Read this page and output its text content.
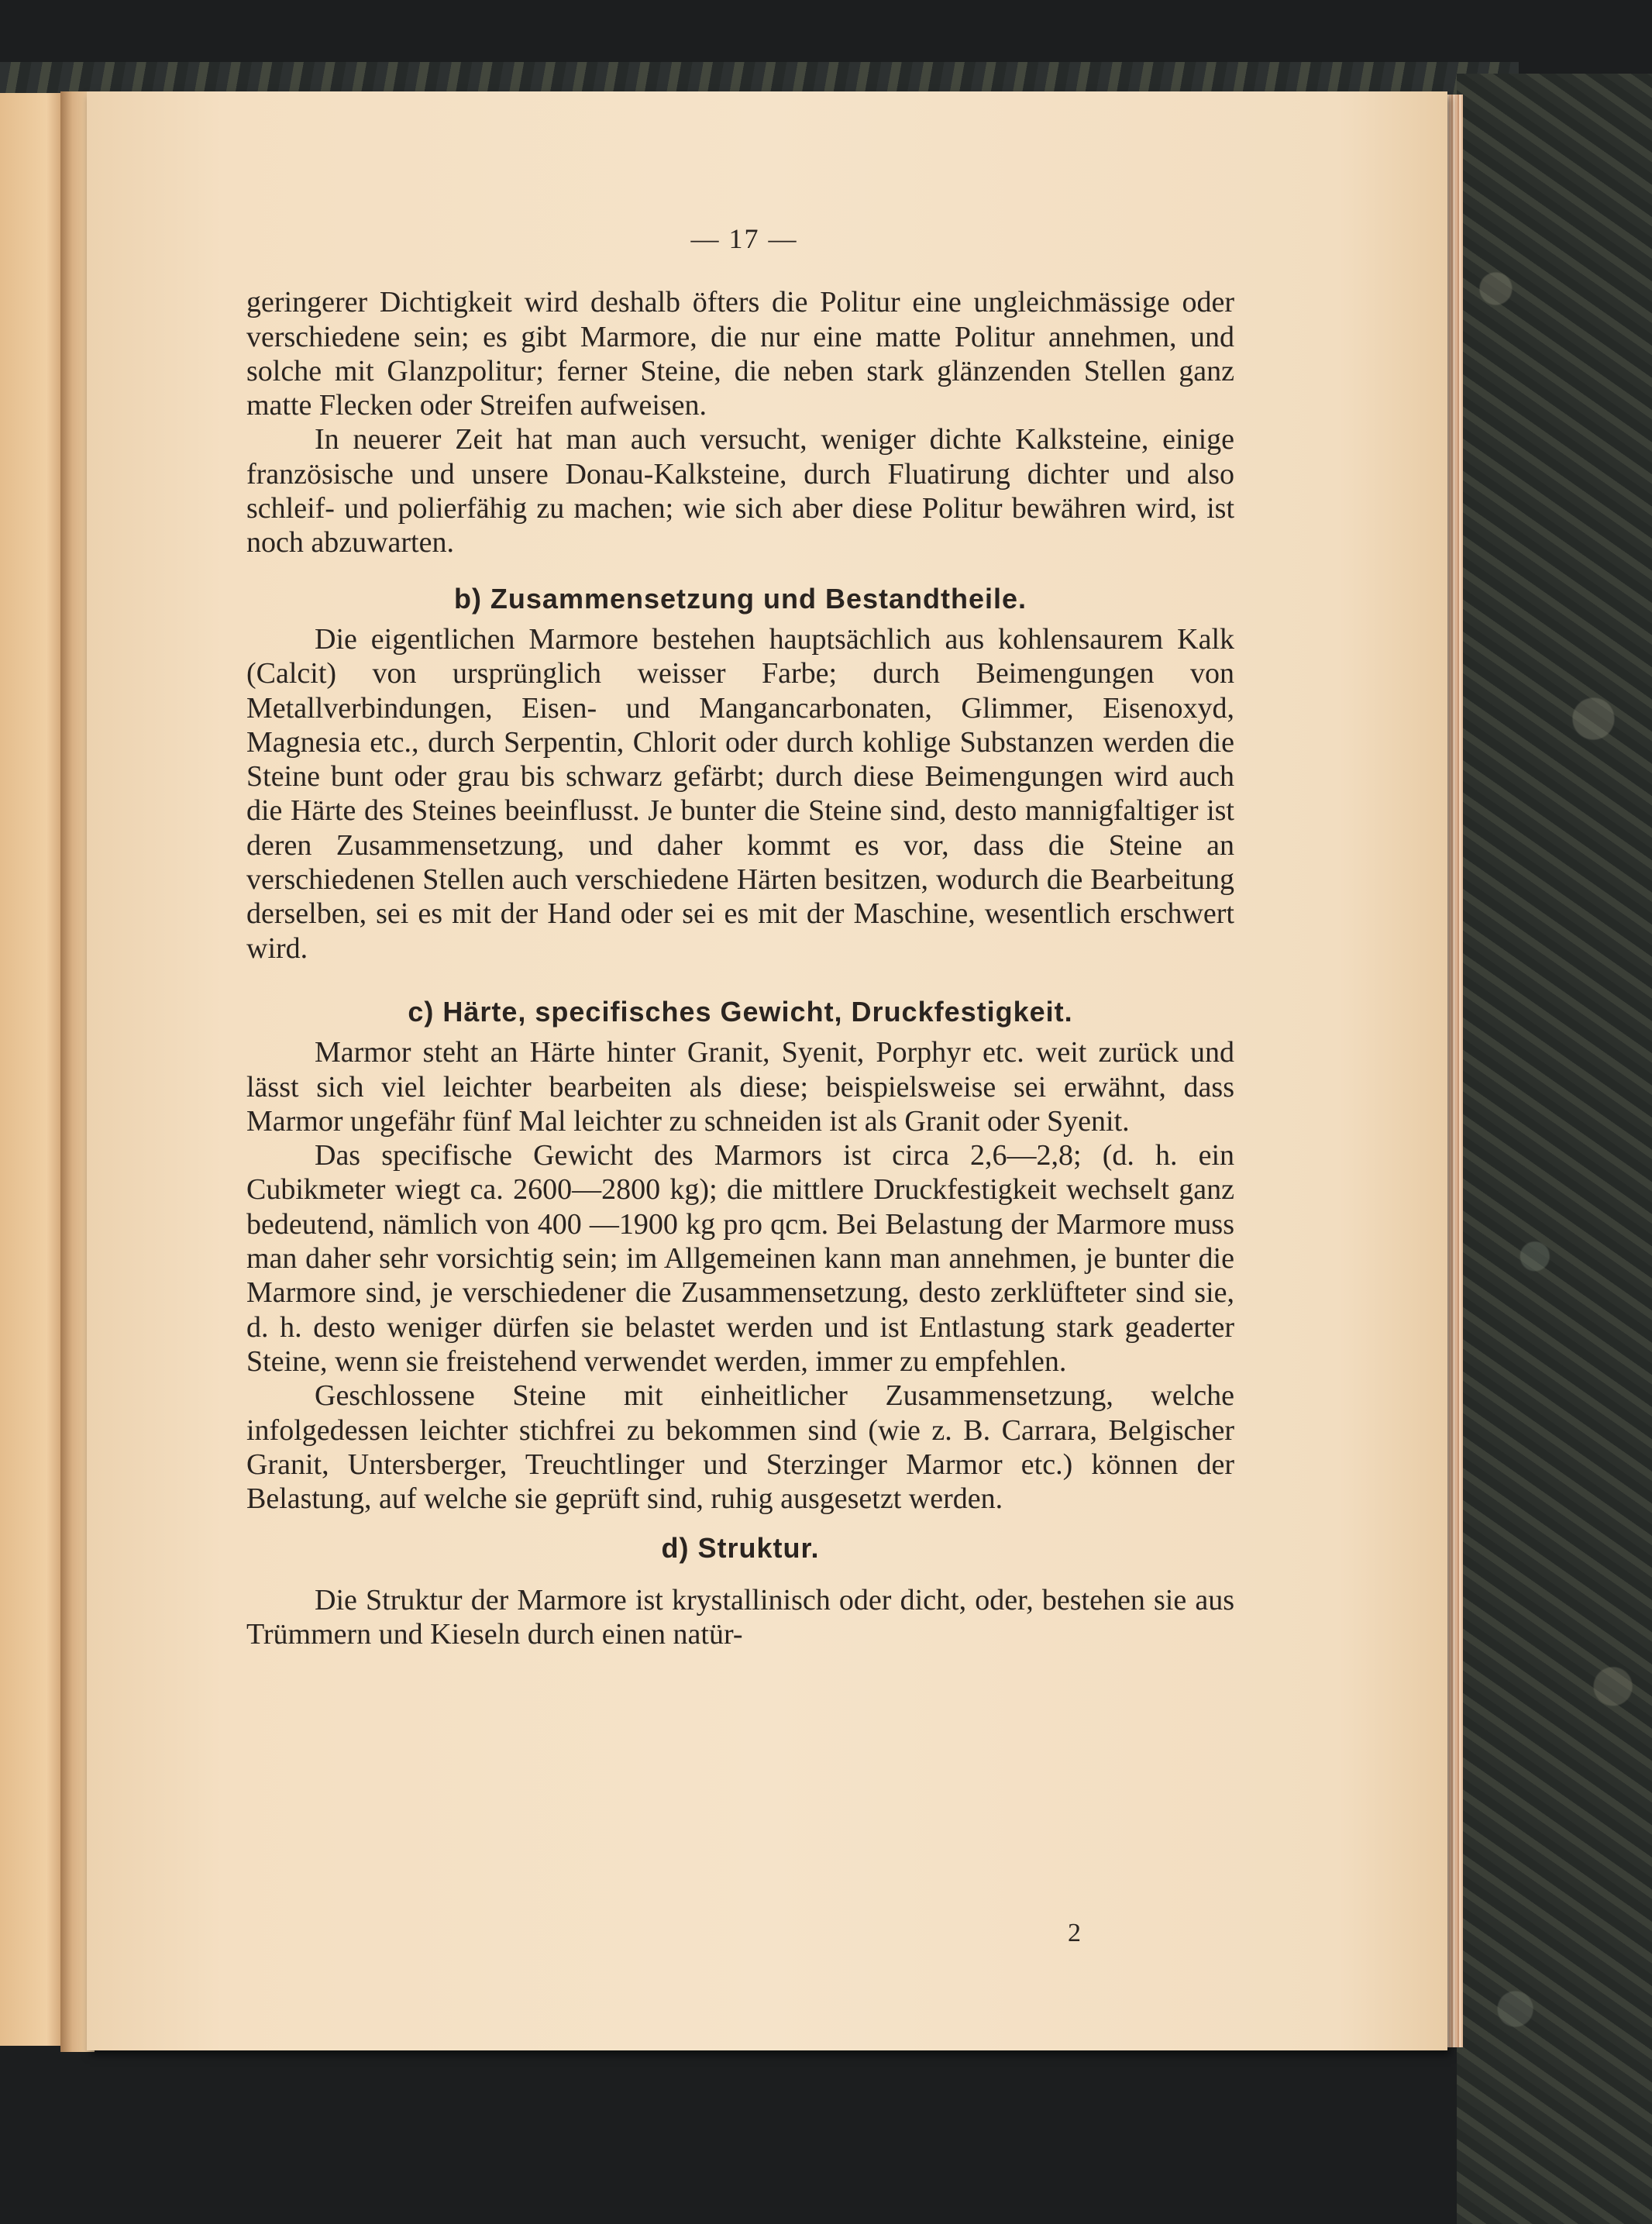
— 17 —

geringerer Dichtigkeit wird deshalb öfters die Politur eine ungleichmässige oder verschiedene sein; es gibt Marmore, die nur eine matte Politur annehmen, und solche mit Glanzpolitur; ferner Steine, die neben stark glänzenden Stellen ganz matte Flecken oder Streifen aufweisen.

In neuerer Zeit hat man auch versucht, weniger dichte Kalksteine, einige französische und unsere Donau-Kalksteine, durch Fluatirung dichter und also schleif- und polierfähig zu machen; wie sich aber diese Politur bewähren wird, ist noch abzuwarten.

b) Zusammensetzung und Bestandtheile.

Die eigentlichen Marmore bestehen hauptsächlich aus kohlensaurem Kalk (Calcit) von ursprünglich weisser Farbe; durch Beimengungen von Metallverbindungen, Eisen- und Mangancarbonaten, Glimmer, Eisenoxyd, Magnesia etc., durch Serpentin, Chlorit oder durch kohlige Substanzen werden die Steine bunt oder grau bis schwarz gefärbt; durch diese Beimengungen wird auch die Härte des Steines beeinflusst. Je bunter die Steine sind, desto mannigfaltiger ist deren Zusammensetzung, und daher kommt es vor, dass die Steine an verschiedenen Stellen auch verschiedene Härten besitzen, wodurch die Bearbeitung derselben, sei es mit der Hand oder sei es mit der Maschine, wesentlich erschwert wird.

c) Härte, specifisches Gewicht, Druckfestigkeit.

Marmor steht an Härte hinter Granit, Syenit, Porphyr etc. weit zurück und lässt sich viel leichter bearbeiten als diese; beispielsweise sei erwähnt, dass Marmor ungefähr fünf Mal leichter zu schneiden ist als Granit oder Syenit.

Das specifische Gewicht des Marmors ist circa 2,6—2,8; (d. h. ein Cubikmeter wiegt ca. 2600—2800 kg); die mittlere Druckfestigkeit wechselt ganz bedeutend, nämlich von 400 —1900 kg pro qcm. Bei Belastung der Marmore muss man daher sehr vorsichtig sein; im Allgemeinen kann man annehmen, je bunter die Marmore sind, je verschiedener die Zusammensetzung, desto zerklüfteter sind sie, d. h. desto weniger dürfen sie belastet werden und ist Entlastung stark geaderter Steine, wenn sie freistehend verwendet werden, immer zu empfehlen.

Geschlossene Steine mit einheitlicher Zusammensetzung, welche infolgedessen leichter stichfrei zu bekommen sind (wie z. B. Carrara, Belgischer Granit, Untersberger, Treuchtlinger und Sterzinger Marmor etc.) können der Belastung, auf welche sie geprüft sind, ruhig ausgesetzt werden.

d) Struktur.

Die Struktur der Marmore ist krystallinisch oder dicht, oder, bestehen sie aus Trümmern und Kieseln durch einen natür-

2
